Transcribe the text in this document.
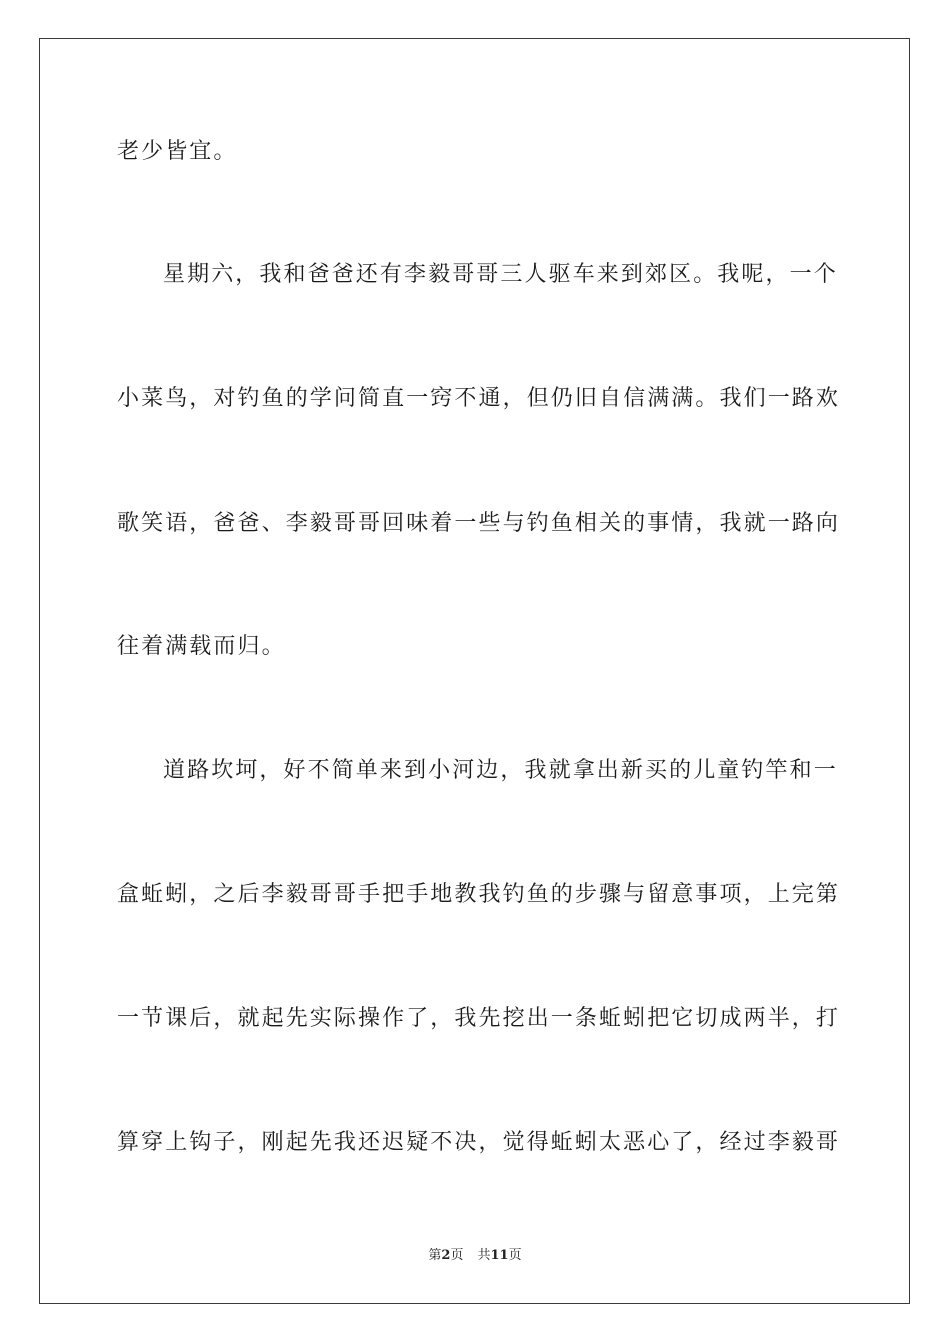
老少皆宜。
星期六，我和爸爸还有李毅哥哥三人驱车来到郊区。我呢，一个
小菜鸟，对钓鱼的学问简直一窍不通，但仍旧自信满满。我们一路欢
歌笑语，爸爸、李毅哥哥回味着一些与钓鱼相关的事情，我就一路向
往着满载而归。
道路坎坷，好不简单来到小河边，我就拿出新买的儿童钓竿和一
盒蚯蚓，之后李毅哥哥手把手地教我钓鱼的步骤与留意事项，上完第
一节课后，就起先实际操作了，我先挖出一条蚯蚓把它切成两半，打
算穿上钩子，刚起先我还迟疑不决，觉得蚯蚓太恶心了，经过李毅哥
第2页 共11页
